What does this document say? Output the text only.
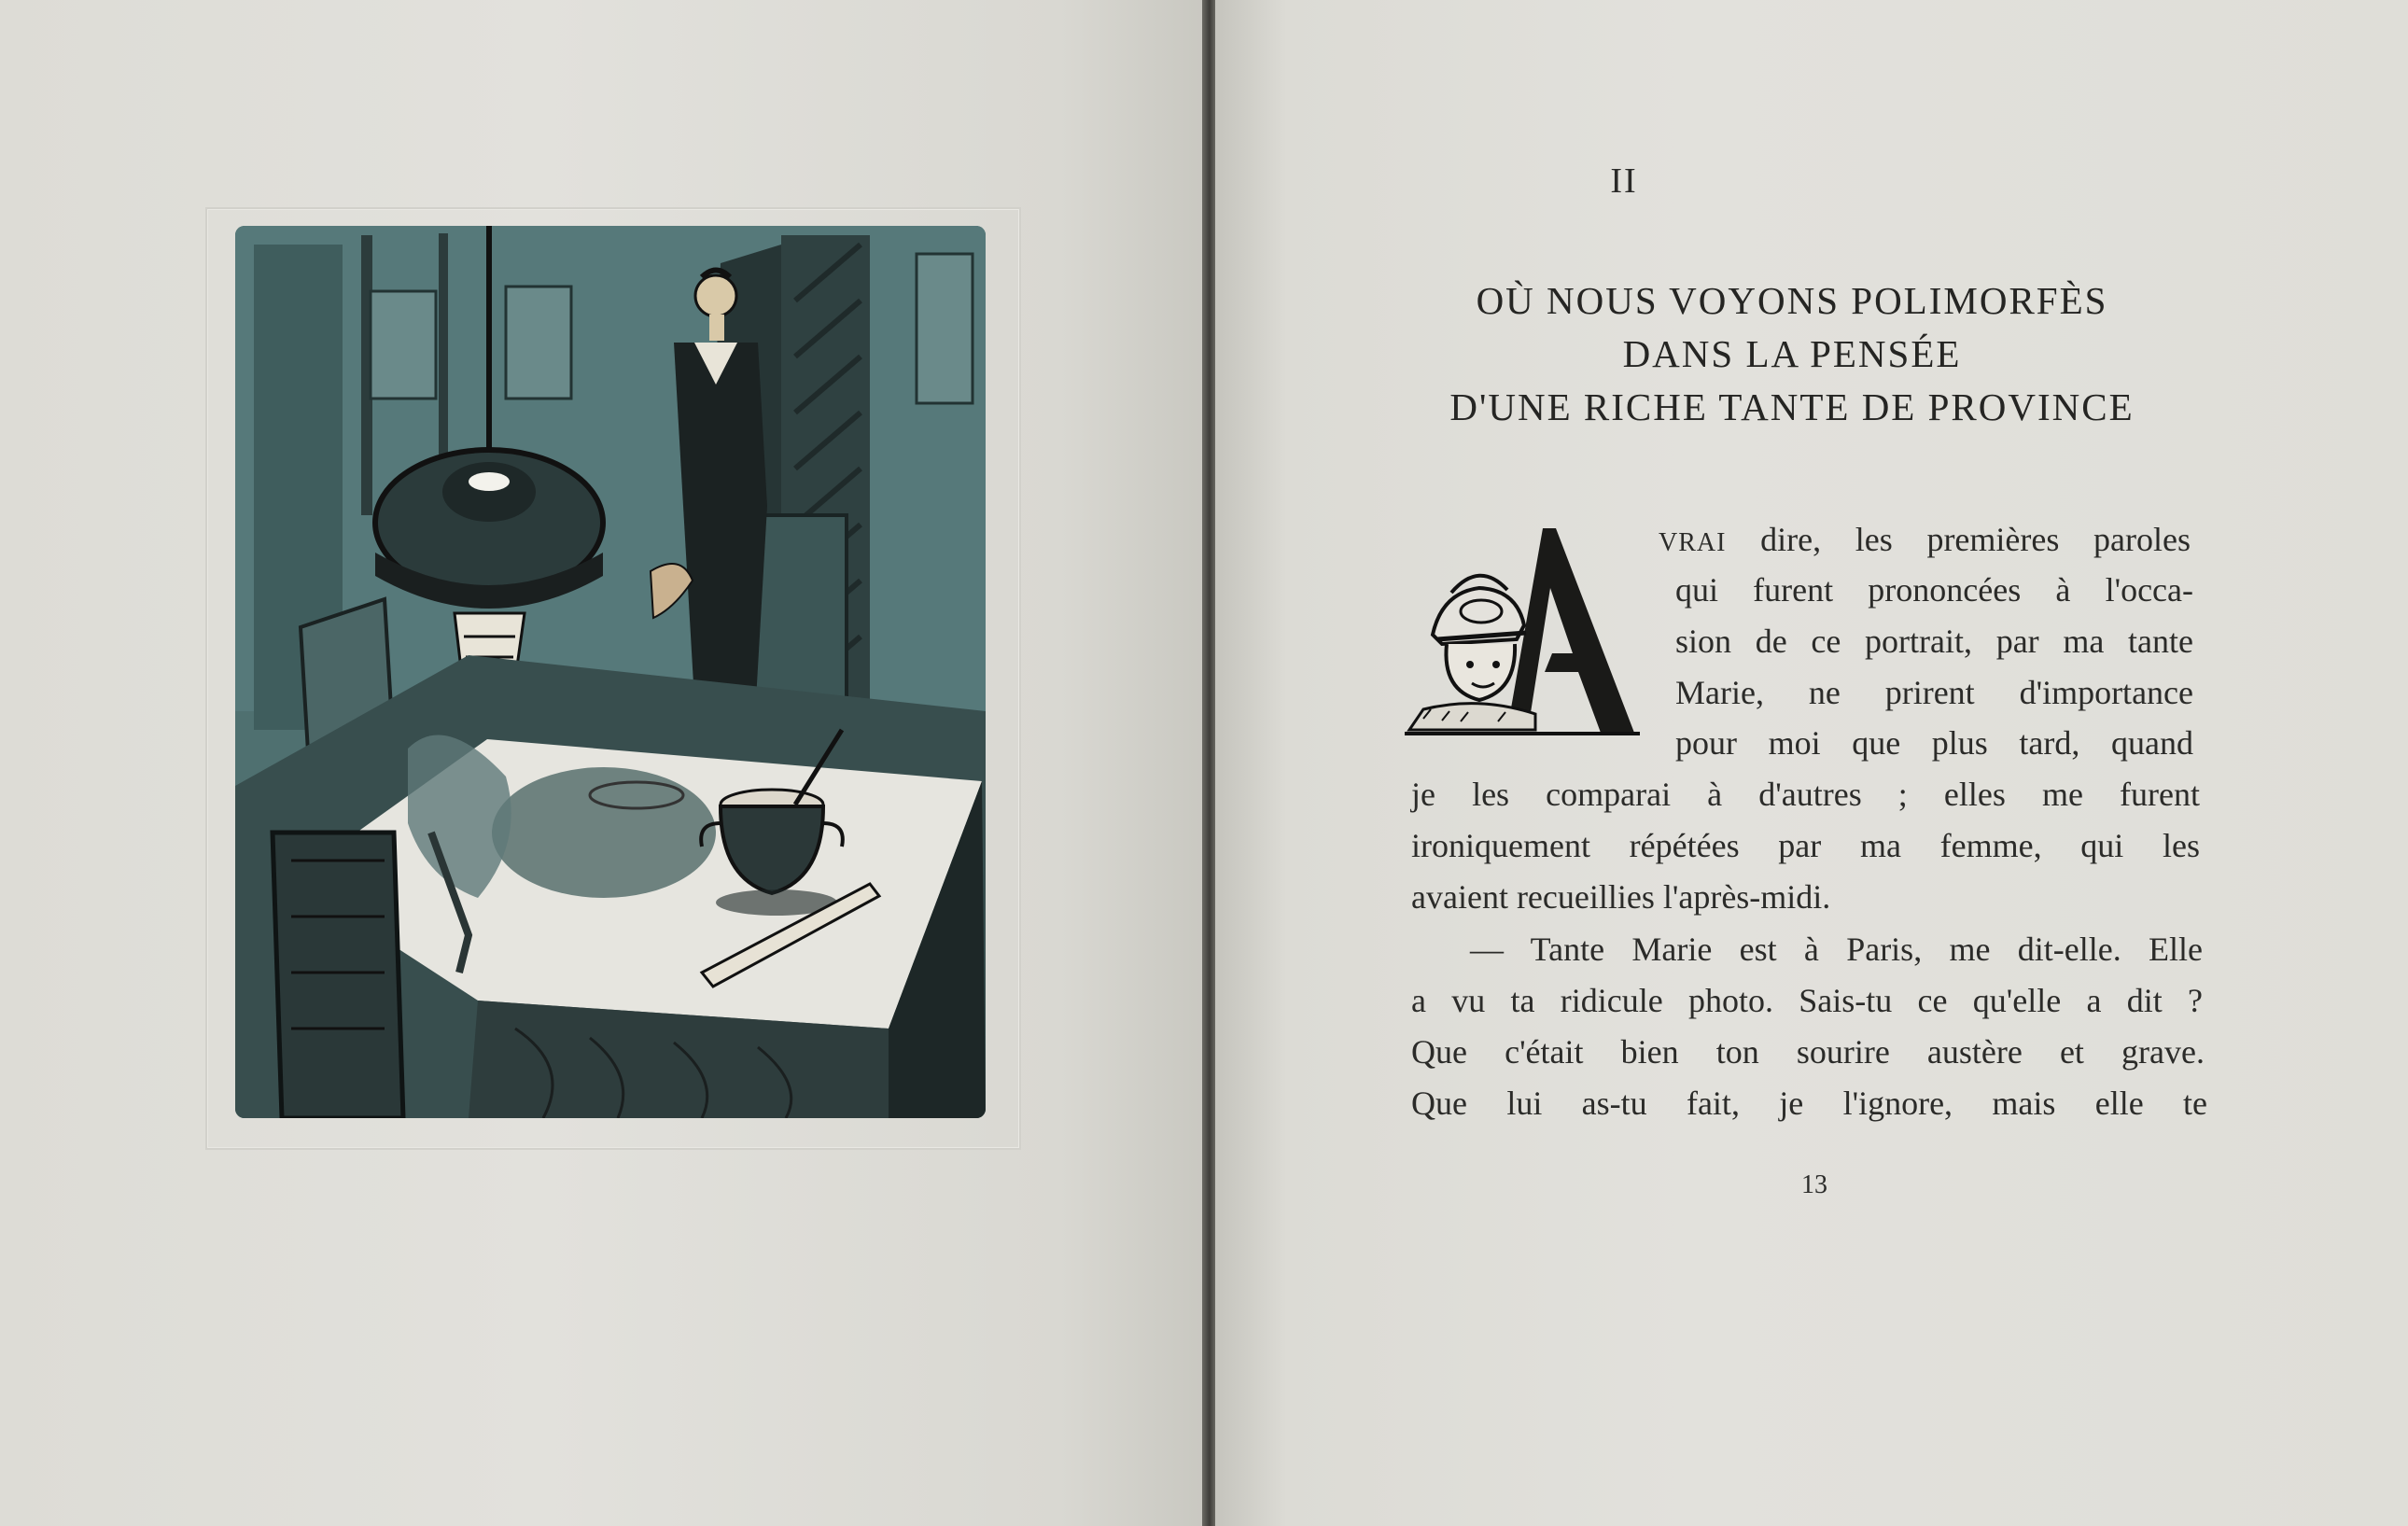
II
OÙ NOUS VOYONS POLIMORFÈS
DANS LA PENSÉE
D'UNE RICHE TANTE DE PROVINCE
VRAI dire, les premières paroles
qui furent prononcées à l'occa-
sion de ce portrait, par ma tante
Marie, ne prirent d'importance
pour moi que plus tard, quand
je les comparai à d'autres ; elles me furent
ironiquement répétées par ma femme, qui les
avaient recueillies l'après-midi.
— Tante Marie est à Paris, me dit-elle. Elle
a vu ta ridicule photo. Sais-tu ce qu'elle a dit ?
Que c'était bien ton sourire austère et grave.
Que lui as-tu fait, je l'ignore, mais elle te
13
